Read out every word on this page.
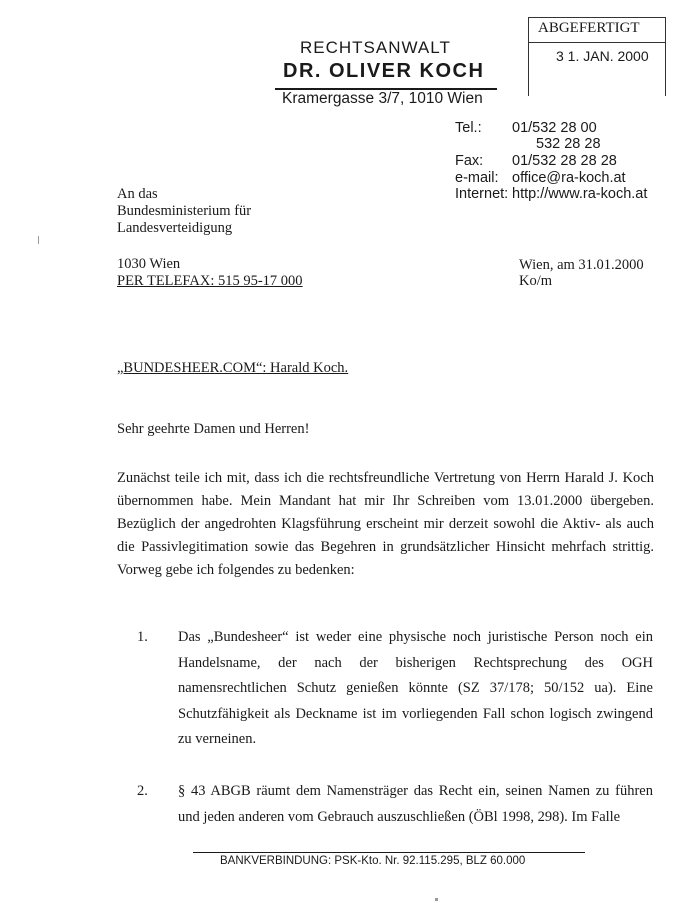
RECHTSANWALT
DR. OLIVER KOCH
Kramergasse 3/7, 1010 Wien
ABGEFERTIGT
3 1. JAN. 2000
Tel.: 01/532 28 00
532 28 28
Fax: 01/532 28 28 28
e-mail: office@ra-koch.at
Internet: http://www.ra-koch.at
An das
Bundesministerium für
Landesverteidigung
1030 Wien
PER TELEFAX: 515 95-17 000
Wien, am 31.01.2000
Ko/m
„BUNDESHEER.COM“: Harald Koch.
Sehr geehrte Damen und Herren!
Zunächst teile ich mit, dass ich die rechtsfreundliche Vertretung von Herrn Harald J. Koch übernommen habe. Mein Mandant hat mir Ihr Schreiben vom 13.01.2000 übergeben. Bezüglich der angedrohten Klagsführung erscheint mir derzeit sowohl die Aktiv- als auch die Passivlegitimation sowie das Begehren in grundsätzlicher Hinsicht mehrfach strittig. Vorweg gebe ich folgendes zu bedenken:
1. Das „Bundesheer“ ist weder eine physische noch juristische Person noch ein Handelsname, der nach der bisherigen Rechtsprechung des OGH namensrechtlichen Schutz genießen könnte (SZ 37/178; 50/152 ua). Eine Schutzfähigkeit als Deckname ist im vorliegenden Fall schon logisch zwingend zu verneinen.
2. § 43 ABGB räumt dem Namensträger das Recht ein, seinen Namen zu führen und jeden anderen vom Gebrauch auszuschließen (ÖBl 1998, 298). Im Falle
BANKVERBINDUNG: PSK-Kto. Nr. 92.115.295, BLZ 60.000
